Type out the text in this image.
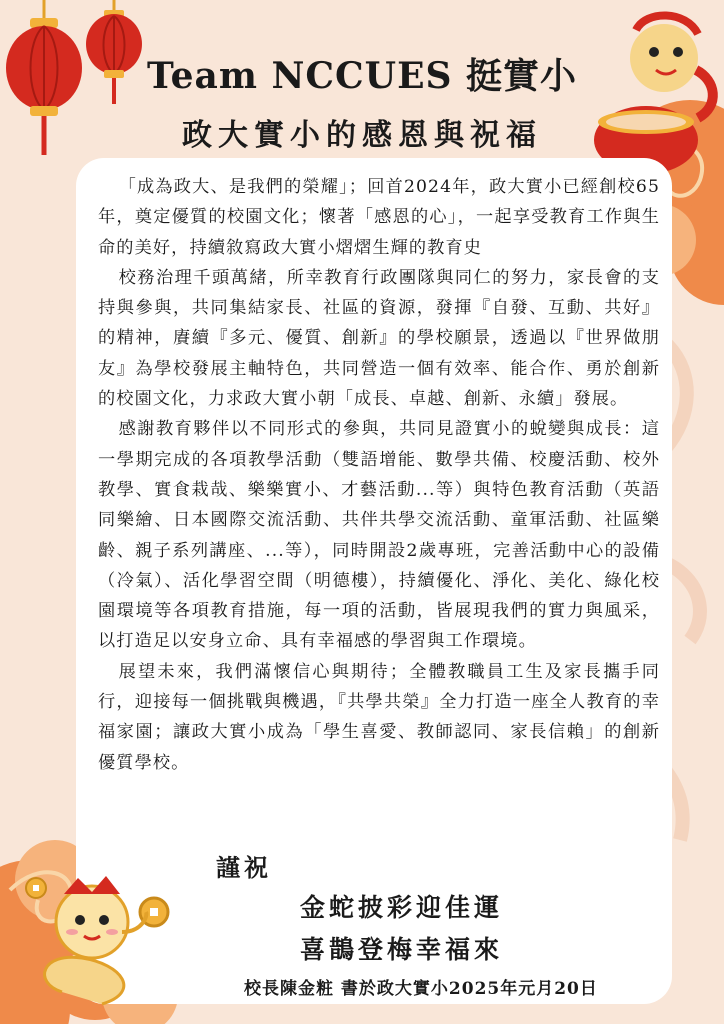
Team NCCUES 挺實小
政大實小的感恩與祝福

「成為政大、是我們的榮耀」；回首2024年，政大實小已經創校65年，奠定優質的校園文化；懷著「感恩的心」，一起享受教育工作與生命的美好，持續敘寫政大實小熠熠生輝的教育史

校務治理千頭萬緒，所幸教育行政團隊與同仁的努力，家長會的支持與參與，共同集結家長、社區的資源，發揮『自發、互動、共好』的精神，賡續『多元、優質、創新』的學校願景，透過以『世界做朋友』為學校發展主軸特色，共同營造一個有效率、能合作、勇於創新的校園文化，力求政大實小朝「成長、卓越、創新、永續」發展。

感謝教育夥伴以不同形式的參與，共同見證實小的蛻變與成長：這一學期完成的各項教學活動（雙語增能、數學共備、校慶活動、校外教學、實食栽哉、樂樂實小、才藝活動...等）與特色教育活動（英語同樂繪、日本國際交流活動、共伴共學交流活動、童軍活動、社區樂齡、親子系列講座、...等），同時開設2歲專班，完善活動中心的設備（冷氣）、活化學習空間（明德樓），持續優化、淨化、美化、綠化校園環境等各項教育措施，每一項的活動，皆展現我們的實力與風采，以打造足以安身立命、具有幸福感的學習與工作環境。

展望未來，我們滿懷信心與期待；全體教職員工生及家長攜手同行，迎接每一個挑戰與機遇，『共學共榮』全力打造一座全人教育的幸福家園；讓政大實小成為「學生喜愛、教師認同、家長信賴」的創新優質學校。

謹祝
金蛇披彩迎佳運
喜鵲登梅幸福來
校長陳金粧 書於政大實小2025年元月20日
